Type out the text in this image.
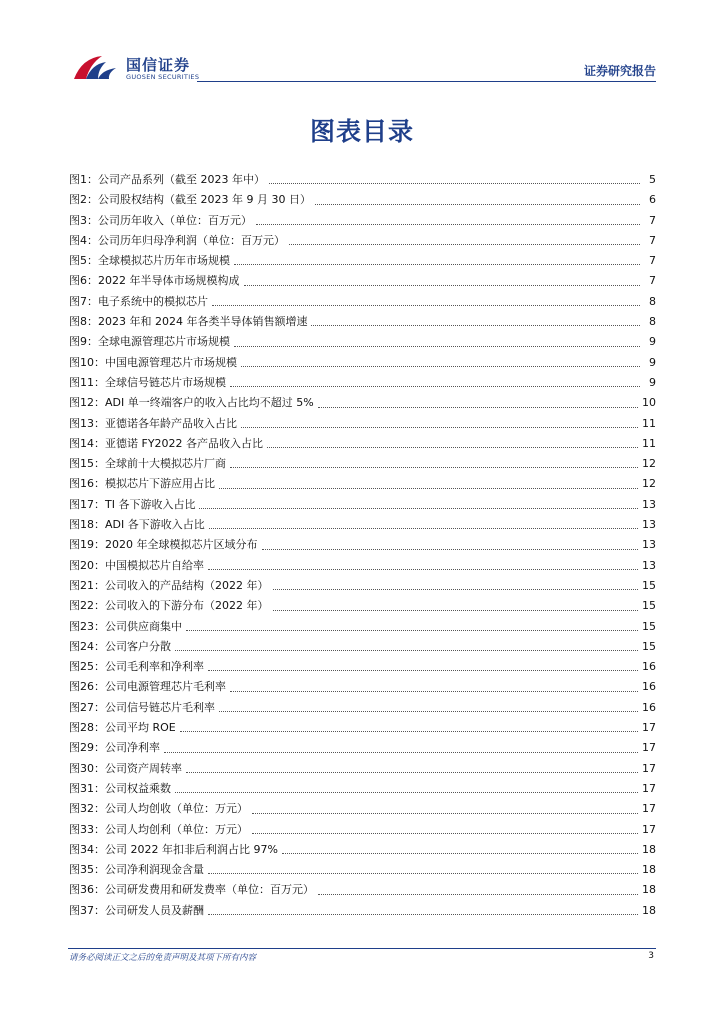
国信证券
GUOSEN SECURITIES	证券研究报告
图表目录
图1： 公司产品系列（截至 2023 年中）	5
图2： 公司股权结构（截至 2023 年 9 月 30 日）	6
图3： 公司历年收入（单位：百万元）	7
图4： 公司历年归母净利润（单位：百万元）	7
图5： 全球模拟芯片历年市场规模	7
图6： 2022 年半导体市场规模构成	7
图7： 电子系统中的模拟芯片	8
图8： 2023 年和 2024 年各类半导体销售额增速	8
图9： 全球电源管理芯片市场规模	9
图10： 中国电源管理芯片市场规模	9
图11： 全球信号链芯片市场规模	9
图12： ADI 单一终端客户的收入占比均不超过 5%	10
图13： 亚德诺各年龄产品收入占比	11
图14： 亚德诺 FY2022 各产品收入占比	11
图15： 全球前十大模拟芯片厂商	12
图16： 模拟芯片下游应用占比	12
图17： TI 各下游收入占比	13
图18： ADI 各下游收入占比	13
图19： 2020 年全球模拟芯片区域分布	13
图20： 中国模拟芯片自给率	13
图21： 公司收入的产品结构（2022 年）	15
图22： 公司收入的下游分布（2022 年）	15
图23： 公司供应商集中	15
图24： 公司客户分散	15
图25： 公司毛利率和净利率	16
图26： 公司电源管理芯片毛利率	16
图27： 公司信号链芯片毛利率	16
图28： 公司平均 ROE	17
图29： 公司净利率	17
图30： 公司资产周转率	17
图31： 公司权益乘数	17
图32： 公司人均创收（单位：万元）	17
图33： 公司人均创利（单位：万元）	17
图34： 公司 2022 年扣非后利润占比 97%	18
图35： 公司净利润现金含量	18
图36： 公司研发费用和研发费率（单位：百万元）	18
图37： 公司研发人员及薪酬	18
请务必阅读正文之后的免责声明及其项下所有内容	3
